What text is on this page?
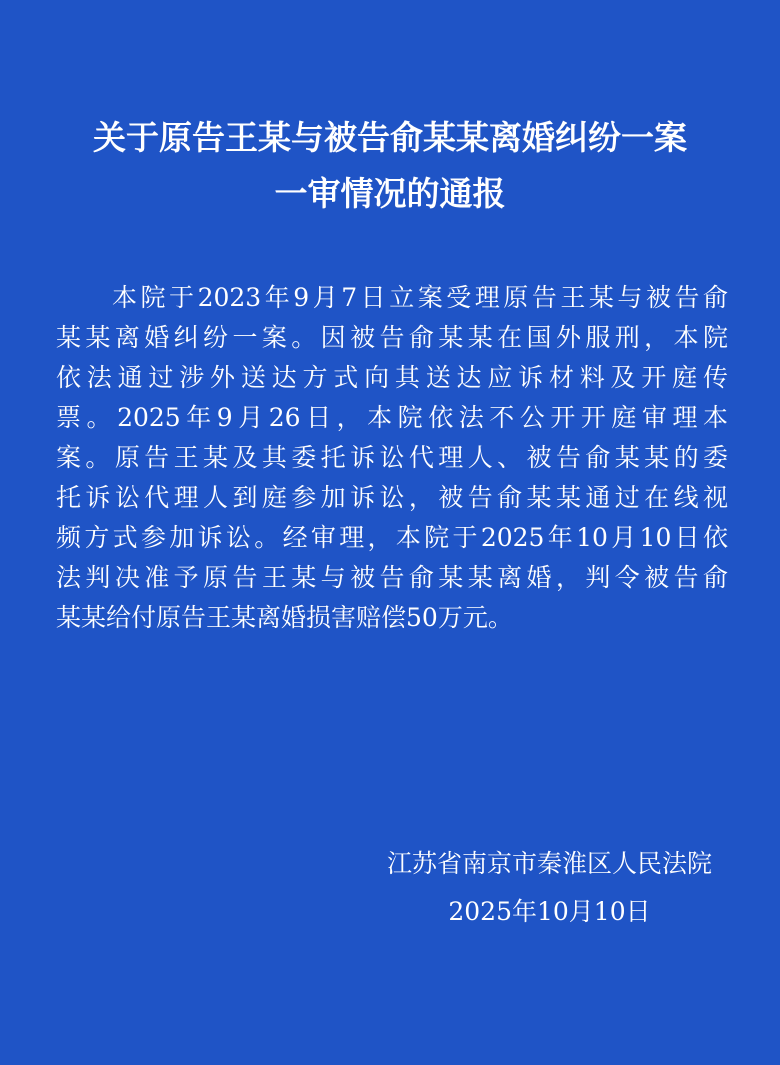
关于原告王某与被告俞某某离婚纠纷一案
一审情况的通报
本院于2023年9月7日立案受理原告王某与被告俞
某某离婚纠纷一案。因被告俞某某在国外服刑，本院
依法通过涉外送达方式向其送达应诉材料及开庭传
票。2025年9月26日，本院依法不公开开庭审理本
案。原告王某及其委托诉讼代理人、被告俞某某的委
托诉讼代理人到庭参加诉讼，被告俞某某通过在线视
频方式参加诉讼。经审理，本院于2025年10月10日依
法判决准予原告王某与被告俞某某离婚，判令被告俞
某某给付原告王某离婚损害赔偿50万元。
江苏省南京市秦淮区人民法院
2025年10月10日
